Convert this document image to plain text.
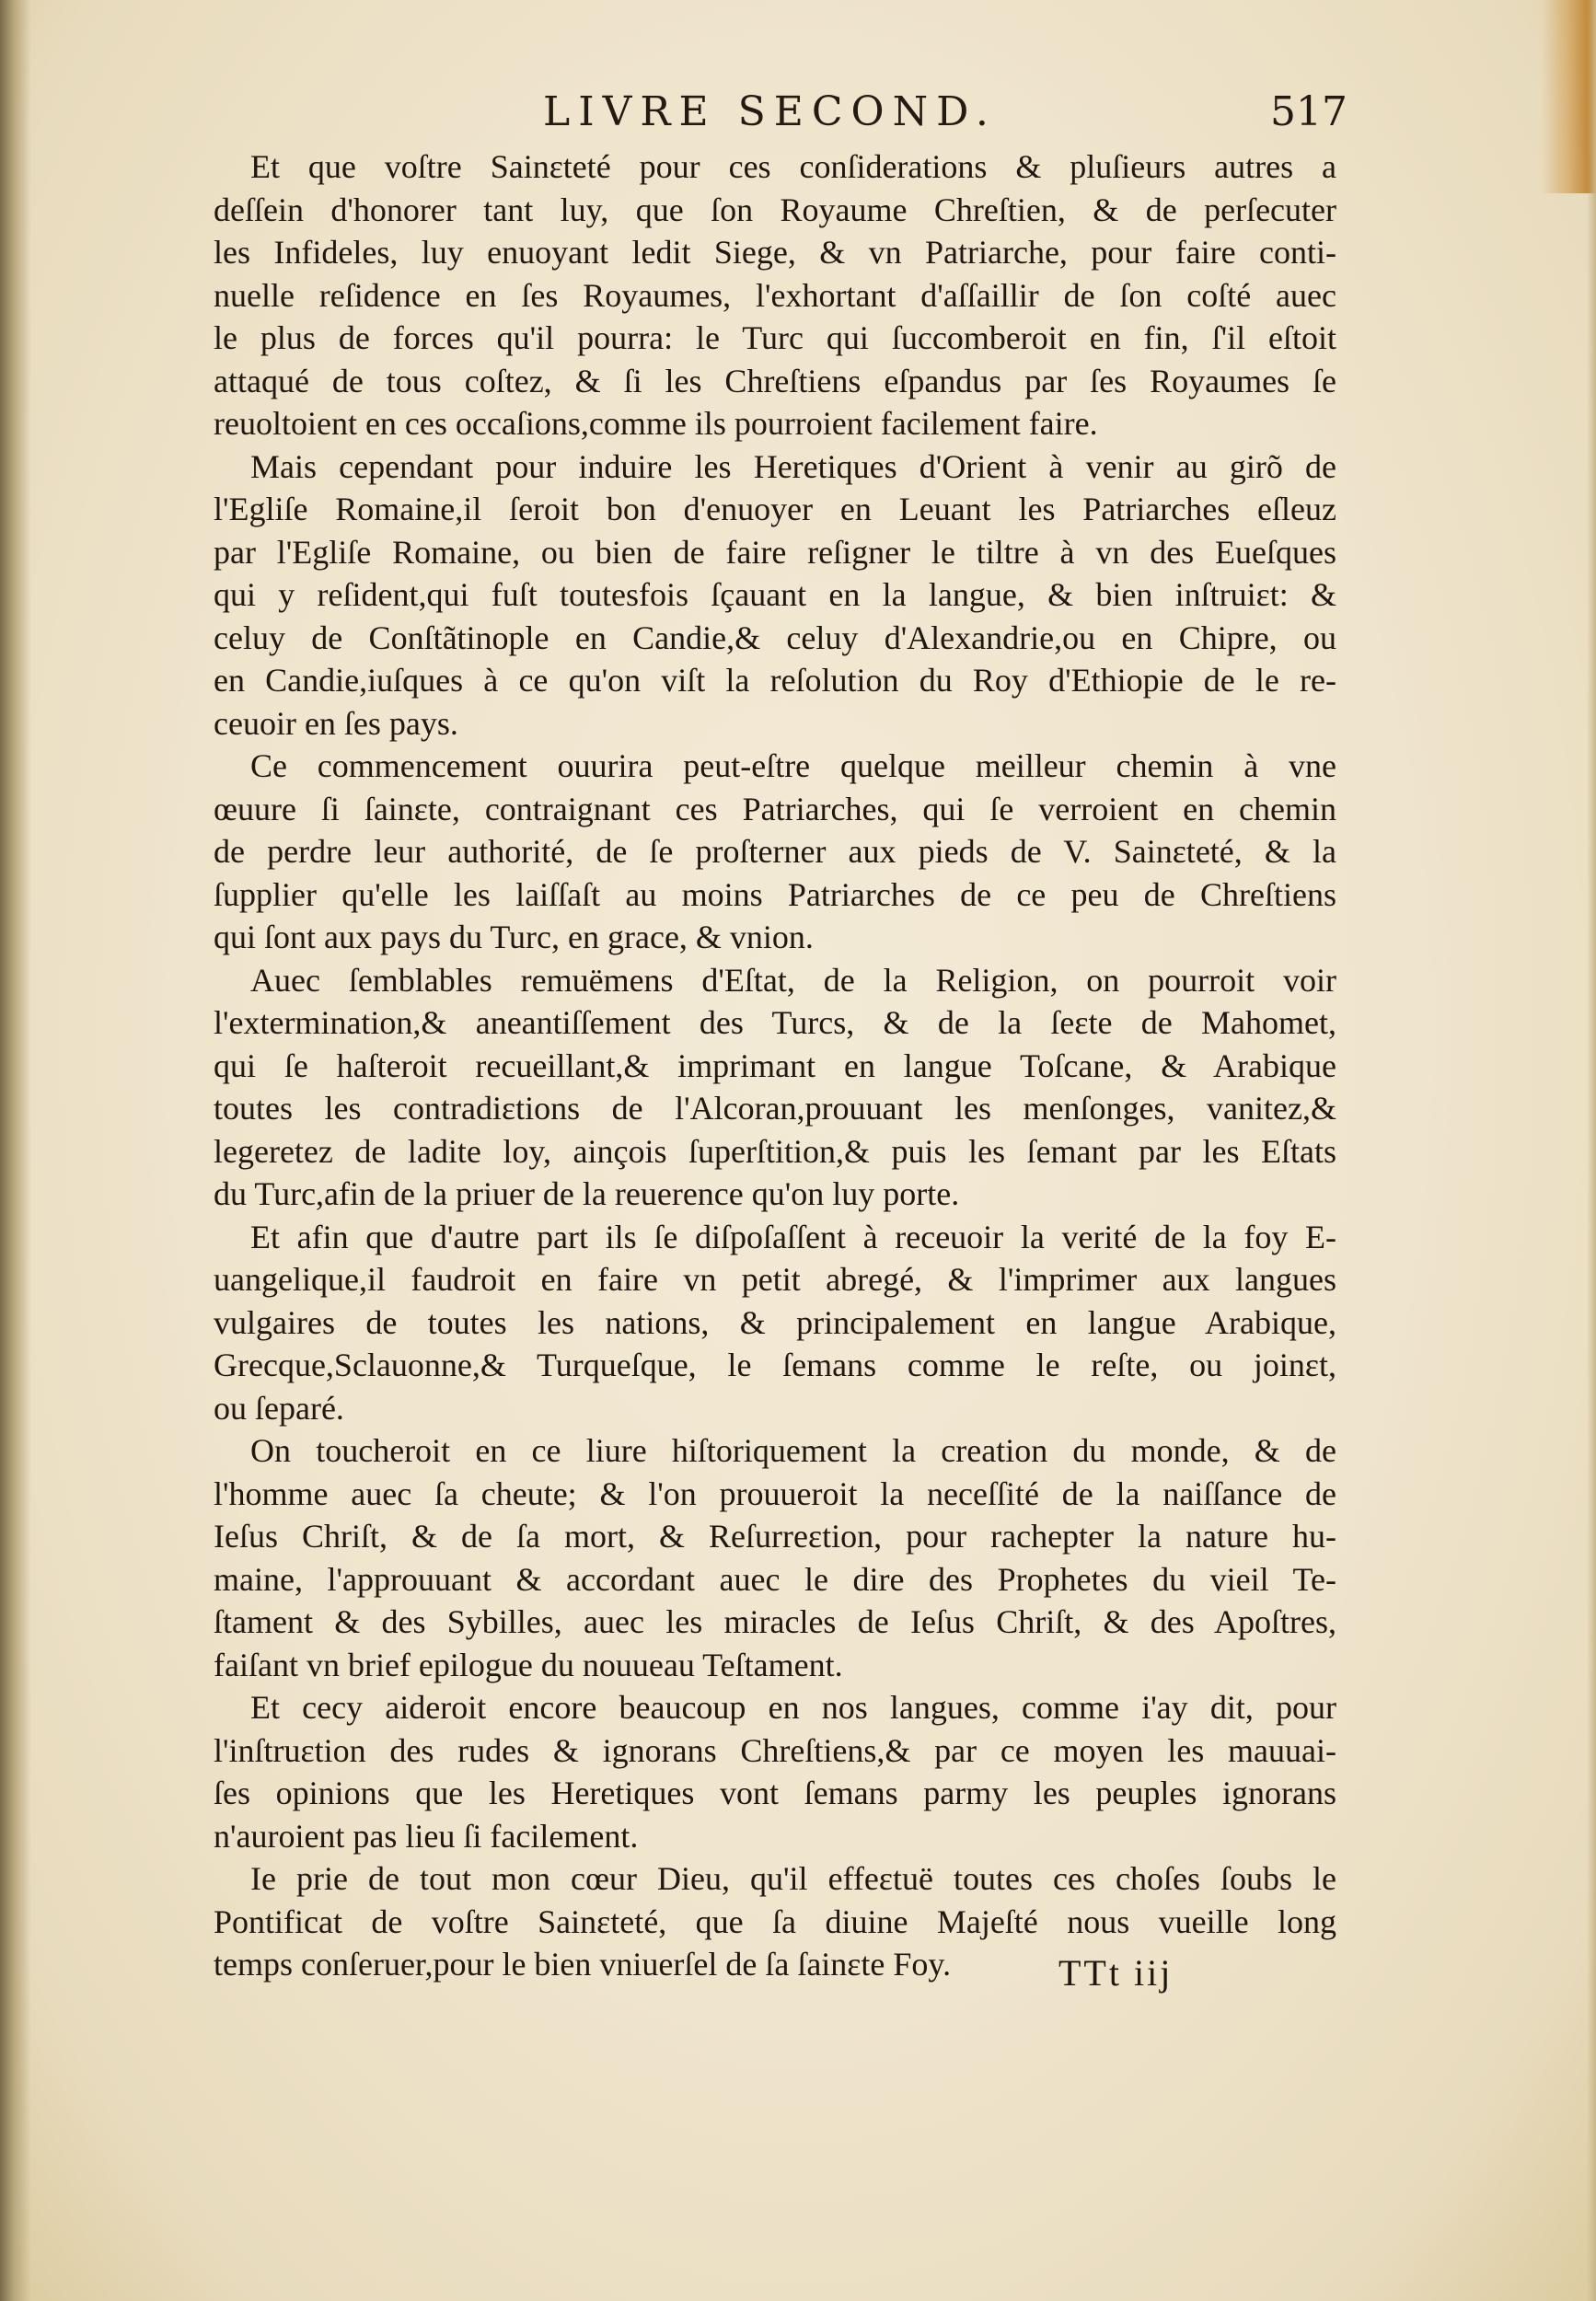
LIVRE SECOND.	517
Et que voſtre Sainɛteté pour ces conſiderations & pluſieurs autres a
deſſein d'honorer tant luy, que ſon Royaume Chreſtien, & de perſecuter
les Infideles, luy enuoyant ledit Siege, & vn Patriarche, pour faire conti-
nuelle reſidence en ſes Royaumes, l'exhortant d'aſſaillir de ſon coſté auec
le plus de forces qu'il pourra: le Turc qui ſuccomberoit en fin, ſ'il eſtoit
attaqué de tous coſtez, & ſi les Chreſtiens eſpandus par ſes Royaumes ſe
reuoltoient en ces occaſions,comme ils pourroient facilement faire.
Mais cependant pour induire les Heretiques d'Orient à venir au girõ de
l'Egliſe Romaine,il ſeroit bon d'enuoyer en Leuant les Patriarches eſleuz
par l'Egliſe Romaine, ou bien de faire reſigner le tiltre à vn des Eueſques
qui y reſident,qui fuſt toutesfois ſçauant en la langue, & bien inſtruiɛt: &
celuy de Conſtãtinople en Candie,& celuy d'Alexandrie,ou en Chipre, ou
en Candie,iuſques à ce qu'on viſt la reſolution du Roy d'Ethiopie de le re-
ceuoir en ſes pays.
Ce commencement ouurira peut-eſtre quelque meilleur chemin à vne
œuure ſi ſainɛte, contraignant ces Patriarches, qui ſe verroient en chemin
de perdre leur authorité, de ſe proſterner aux pieds de V. Sainɛteté, & la
ſupplier qu'elle les laiſſaſt au moins Patriarches de ce peu de Chreſtiens
qui ſont aux pays du Turc, en grace, & vnion.
Auec ſemblables remuëmens d'Eſtat, de la Religion, on pourroit voir
l'extermination,& aneantiſſement des Turcs, & de la ſeɛte de Mahomet,
qui ſe haſteroit recueillant,& imprimant en langue Toſcane, & Arabique
toutes les contradiɛtions de l'Alcoran,prouuant les menſonges, vanitez,&
legeretez de ladite loy, ainçois ſuperſtition,& puis les ſemant par les Eſtats
du Turc,afin de la priuer de la reuerence qu'on luy porte.
Et afin que d'autre part ils ſe diſpoſaſſent à receuoir la verité de la foy E-
uangelique,il faudroit en faire vn petit abregé, & l'imprimer aux langues
vulgaires de toutes les nations, & principalement en langue Arabique,
Grecque,Sclauonne,& Turqueſque, le ſemans comme le reſte, ou joinɛt,
ou ſeparé.
On toucheroit en ce liure hiſtoriquement la creation du monde, & de
l'homme auec ſa cheute; & l'on prouueroit la neceſſité de la naiſſance de
Ieſus Chriſt, & de ſa mort, & Reſurreɛtion, pour rachepter la nature hu-
maine, l'approuuant & accordant auec le dire des Prophetes du vieil Te-
ſtament & des Sybilles, auec les miracles de Ieſus Chriſt, & des Apoſtres,
faiſant vn brief epilogue du nouueau Teſtament.
Et cecy aideroit encore beaucoup en nos langues, comme i'ay dit, pour
l'inſtruɛtion des rudes & ignorans Chreſtiens,& par ce moyen les mauuai-
ſes opinions que les Heretiques vont ſemans parmy les peuples ignorans
n'auroient pas lieu ſi facilement.
Ie prie de tout mon cœur Dieu, qu'il effeɛtuë toutes ces choſes ſoubs le
Pontificat de voſtre Sainɛteté, que ſa diuine Majeſté nous vueille long
temps conſeruer,pour le bien vniuerſel de ſa ſainɛte Foy.	TTt iij
